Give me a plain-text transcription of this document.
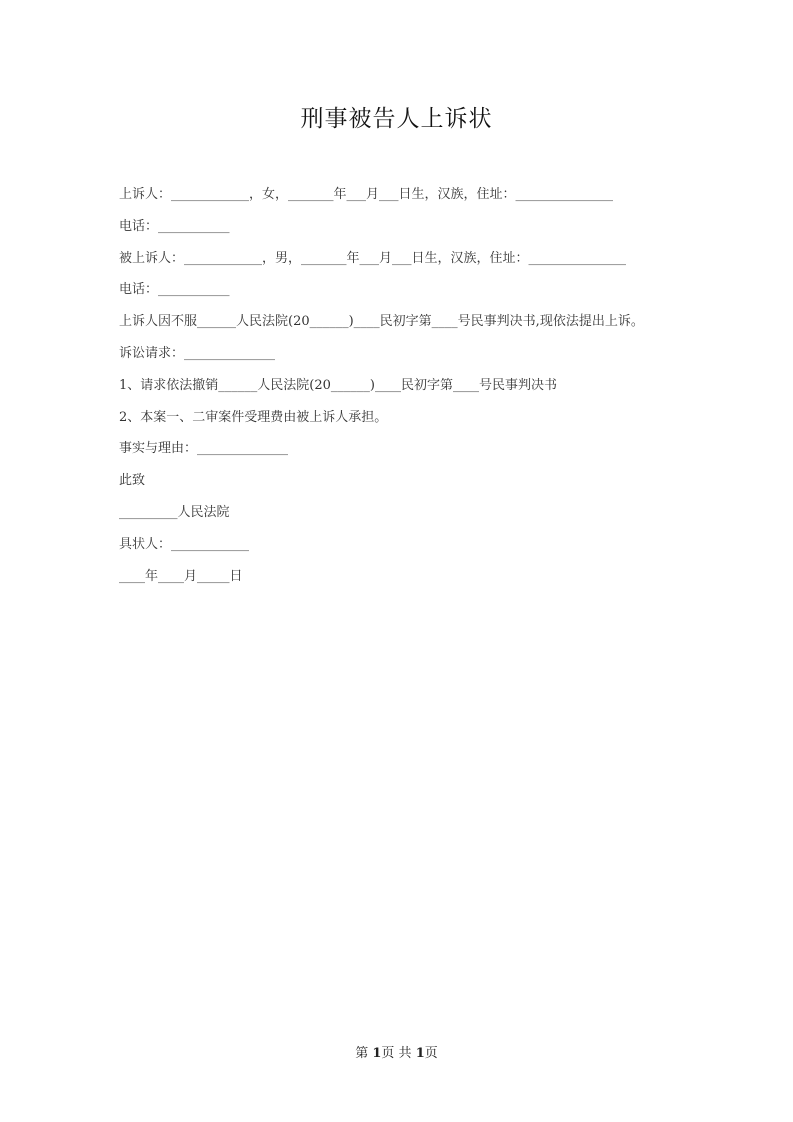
刑事被告人上诉状
上诉人：____________，女，_______年___月___日生，汉族，住址：_______________
电话：___________
被上诉人：____________，男，_______年___月___日生，汉族，住址：_______________
电话：___________
上诉人因不服______人民法院(20______)____民初字第____号民事判决书,现依法提出上诉。
诉讼请求：______________
1、请求依法撤销______人民法院(20______)____民初字第____号民事判决书
2、本案一、二审案件受理费由被上诉人承担。
事实与理由：______________
此致
_________人民法院
具状人：____________
____年____月_____日
第 1页 共 1页
